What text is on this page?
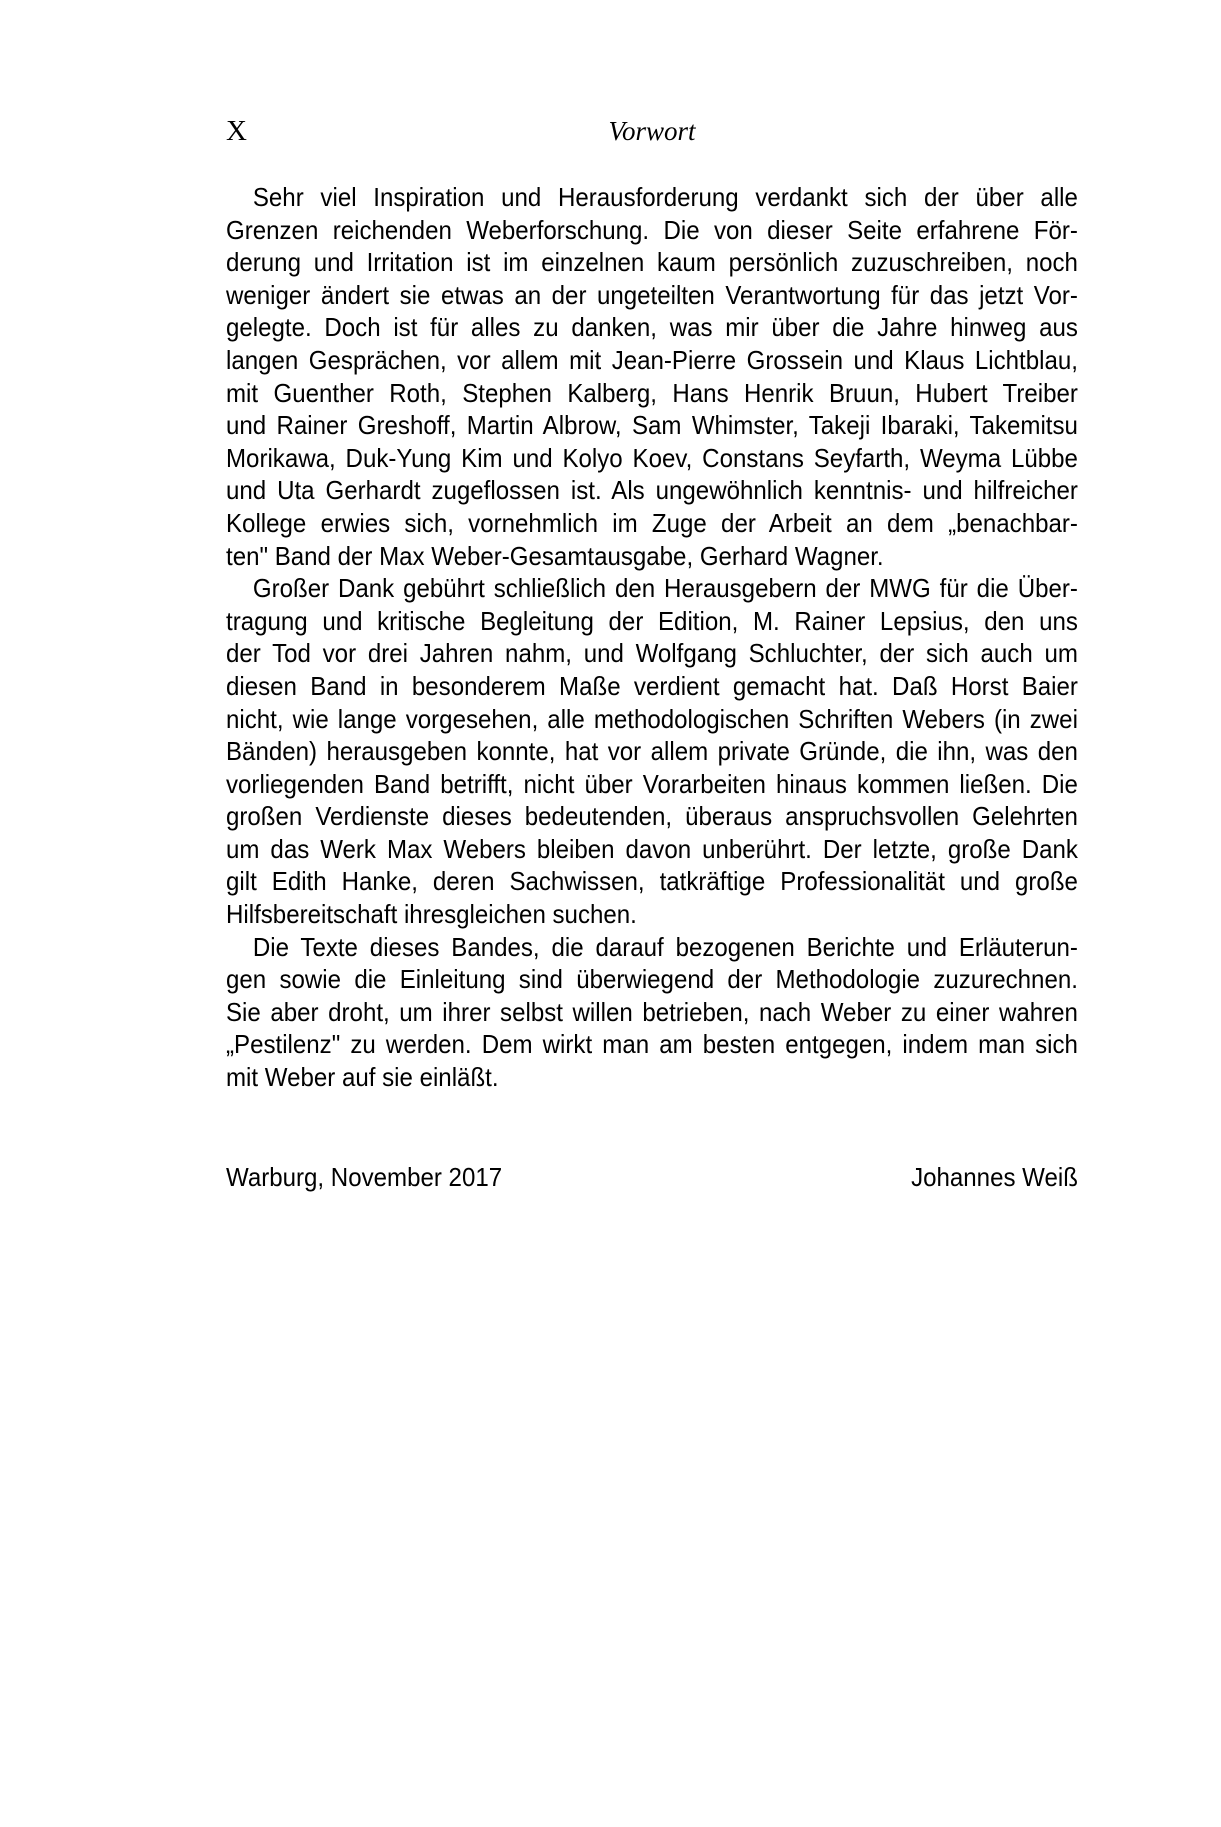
X	Vorwort
Sehr viel Inspiration und Herausforderung verdankt sich der über alle
Grenzen reichenden Weberforschung. Die von dieser Seite erfahrene För-
derung und Irritation ist im einzelnen kaum persönlich zuzuschreiben, noch
weniger ändert sie etwas an der ungeteilten Verantwortung für das jetzt Vor-
gelegte. Doch ist für alles zu danken, was mir über die Jahre hinweg aus
langen Gesprächen, vor allem mit Jean-Pierre Grossein und Klaus Lichtblau,
mit Guenther Roth, Stephen Kalberg, Hans Henrik Bruun, Hubert Treiber
und Rainer Greshoff, Martin Albrow, Sam Whimster, Takeji Ibaraki, Takemitsu
Morikawa, Duk-Yung Kim und Kolyo Koev, Constans Seyfarth, Weyma Lübbe
und Uta Gerhardt zugeflossen ist. Als ungewöhnlich kenntnis- und hilfreicher
Kollege erwies sich, vornehmlich im Zuge der Arbeit an dem „benachbar-
ten" Band der Max Weber-Gesamtausgabe, Gerhard Wagner.
Großer Dank gebührt schließlich den Herausgebern der MWG für die Über-
tragung und kritische Begleitung der Edition, M. Rainer Lepsius, den uns
der Tod vor drei Jahren nahm, und Wolfgang Schluchter, der sich auch um
diesen Band in besonderem Maße verdient gemacht hat. Daß Horst Baier
nicht, wie lange vorgesehen, alle methodologischen Schriften Webers (in zwei
Bänden) herausgeben konnte, hat vor allem private Gründe, die ihn, was den
vorliegenden Band betrifft, nicht über Vorarbeiten hinaus kommen ließen. Die
großen Verdienste dieses bedeutenden, überaus anspruchsvollen Gelehrten
um das Werk Max Webers bleiben davon unberührt. Der letzte, große Dank
gilt Edith Hanke, deren Sachwissen, tatkräftige Professionalität und große
Hilfsbereitschaft ihresgleichen suchen.
Die Texte dieses Bandes, die darauf bezogenen Berichte und Erläuterun-
gen sowie die Einleitung sind überwiegend der Methodologie zuzurechnen.
Sie aber droht, um ihrer selbst willen betrieben, nach Weber zu einer wahren
„Pestilenz" zu werden. Dem wirkt man am besten entgegen, indem man sich
mit Weber auf sie einläßt.
Warburg, November 2017	Johannes Weiß
